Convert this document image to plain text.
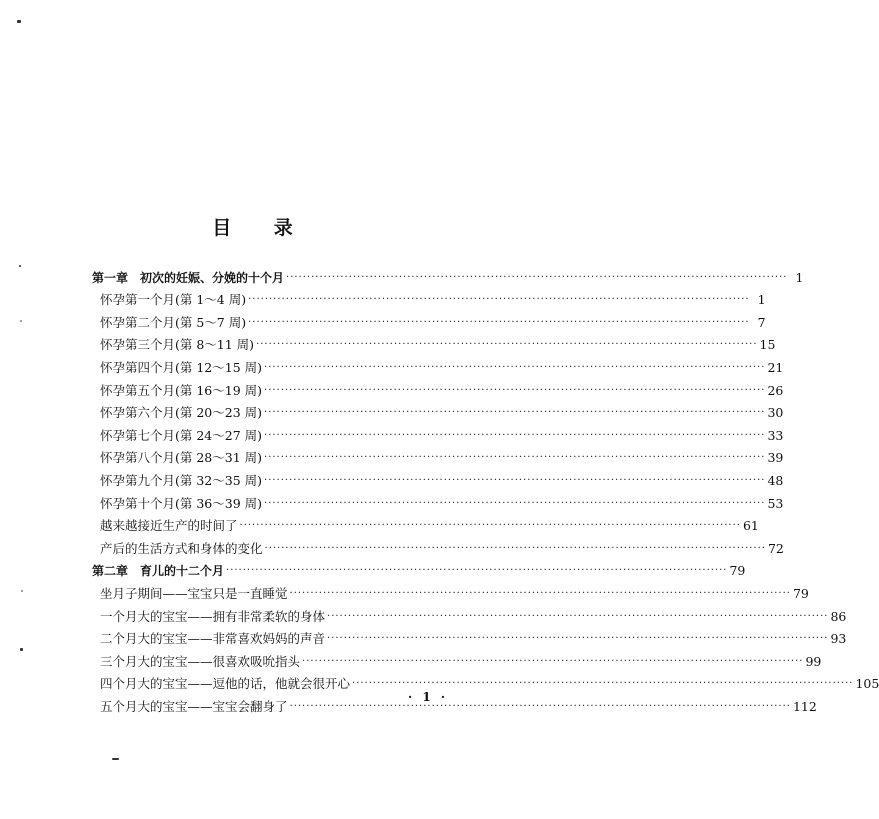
目 录
第一章　初次的妊娠、分娩的十个月 ························································································································ 1
怀孕第一个月(第 1～4 周) ························································································································ 1
怀孕第二个月(第 5～7 周) ························································································································ 7
怀孕第三个月(第 8～11 周) ························································································································ 15
怀孕第四个月(第 12～15 周) ························································································································ 21
怀孕第五个月(第 16～19 周) ························································································································ 26
怀孕第六个月(第 20～23 周) ························································································································ 30
怀孕第七个月(第 24～27 周) ························································································································ 33
怀孕第八个月(第 28～31 周) ························································································································ 39
怀孕第九个月(第 32～35 周) ························································································································ 48
怀孕第十个月(第 36～39 周) ························································································································ 53
越来越接近生产的时间了 ························································································································ 61
产后的生活方式和身体的变化 ························································································································ 72
第二章　育儿的十二个月 ························································································································ 79
坐月子期间——宝宝只是一直睡觉 ························································································································ 79
一个月大的宝宝——拥有非常柔软的身体 ························································································································ 86
二个月大的宝宝——非常喜欢妈妈的声音 ························································································································ 93
三个月大的宝宝——很喜欢吸吮指头 ························································································································ 99
四个月大的宝宝——逗他的话，他就会很开心 ························································································································ 105
五个月大的宝宝——宝宝会翻身了 ························································································································ 112
· 1 ·
